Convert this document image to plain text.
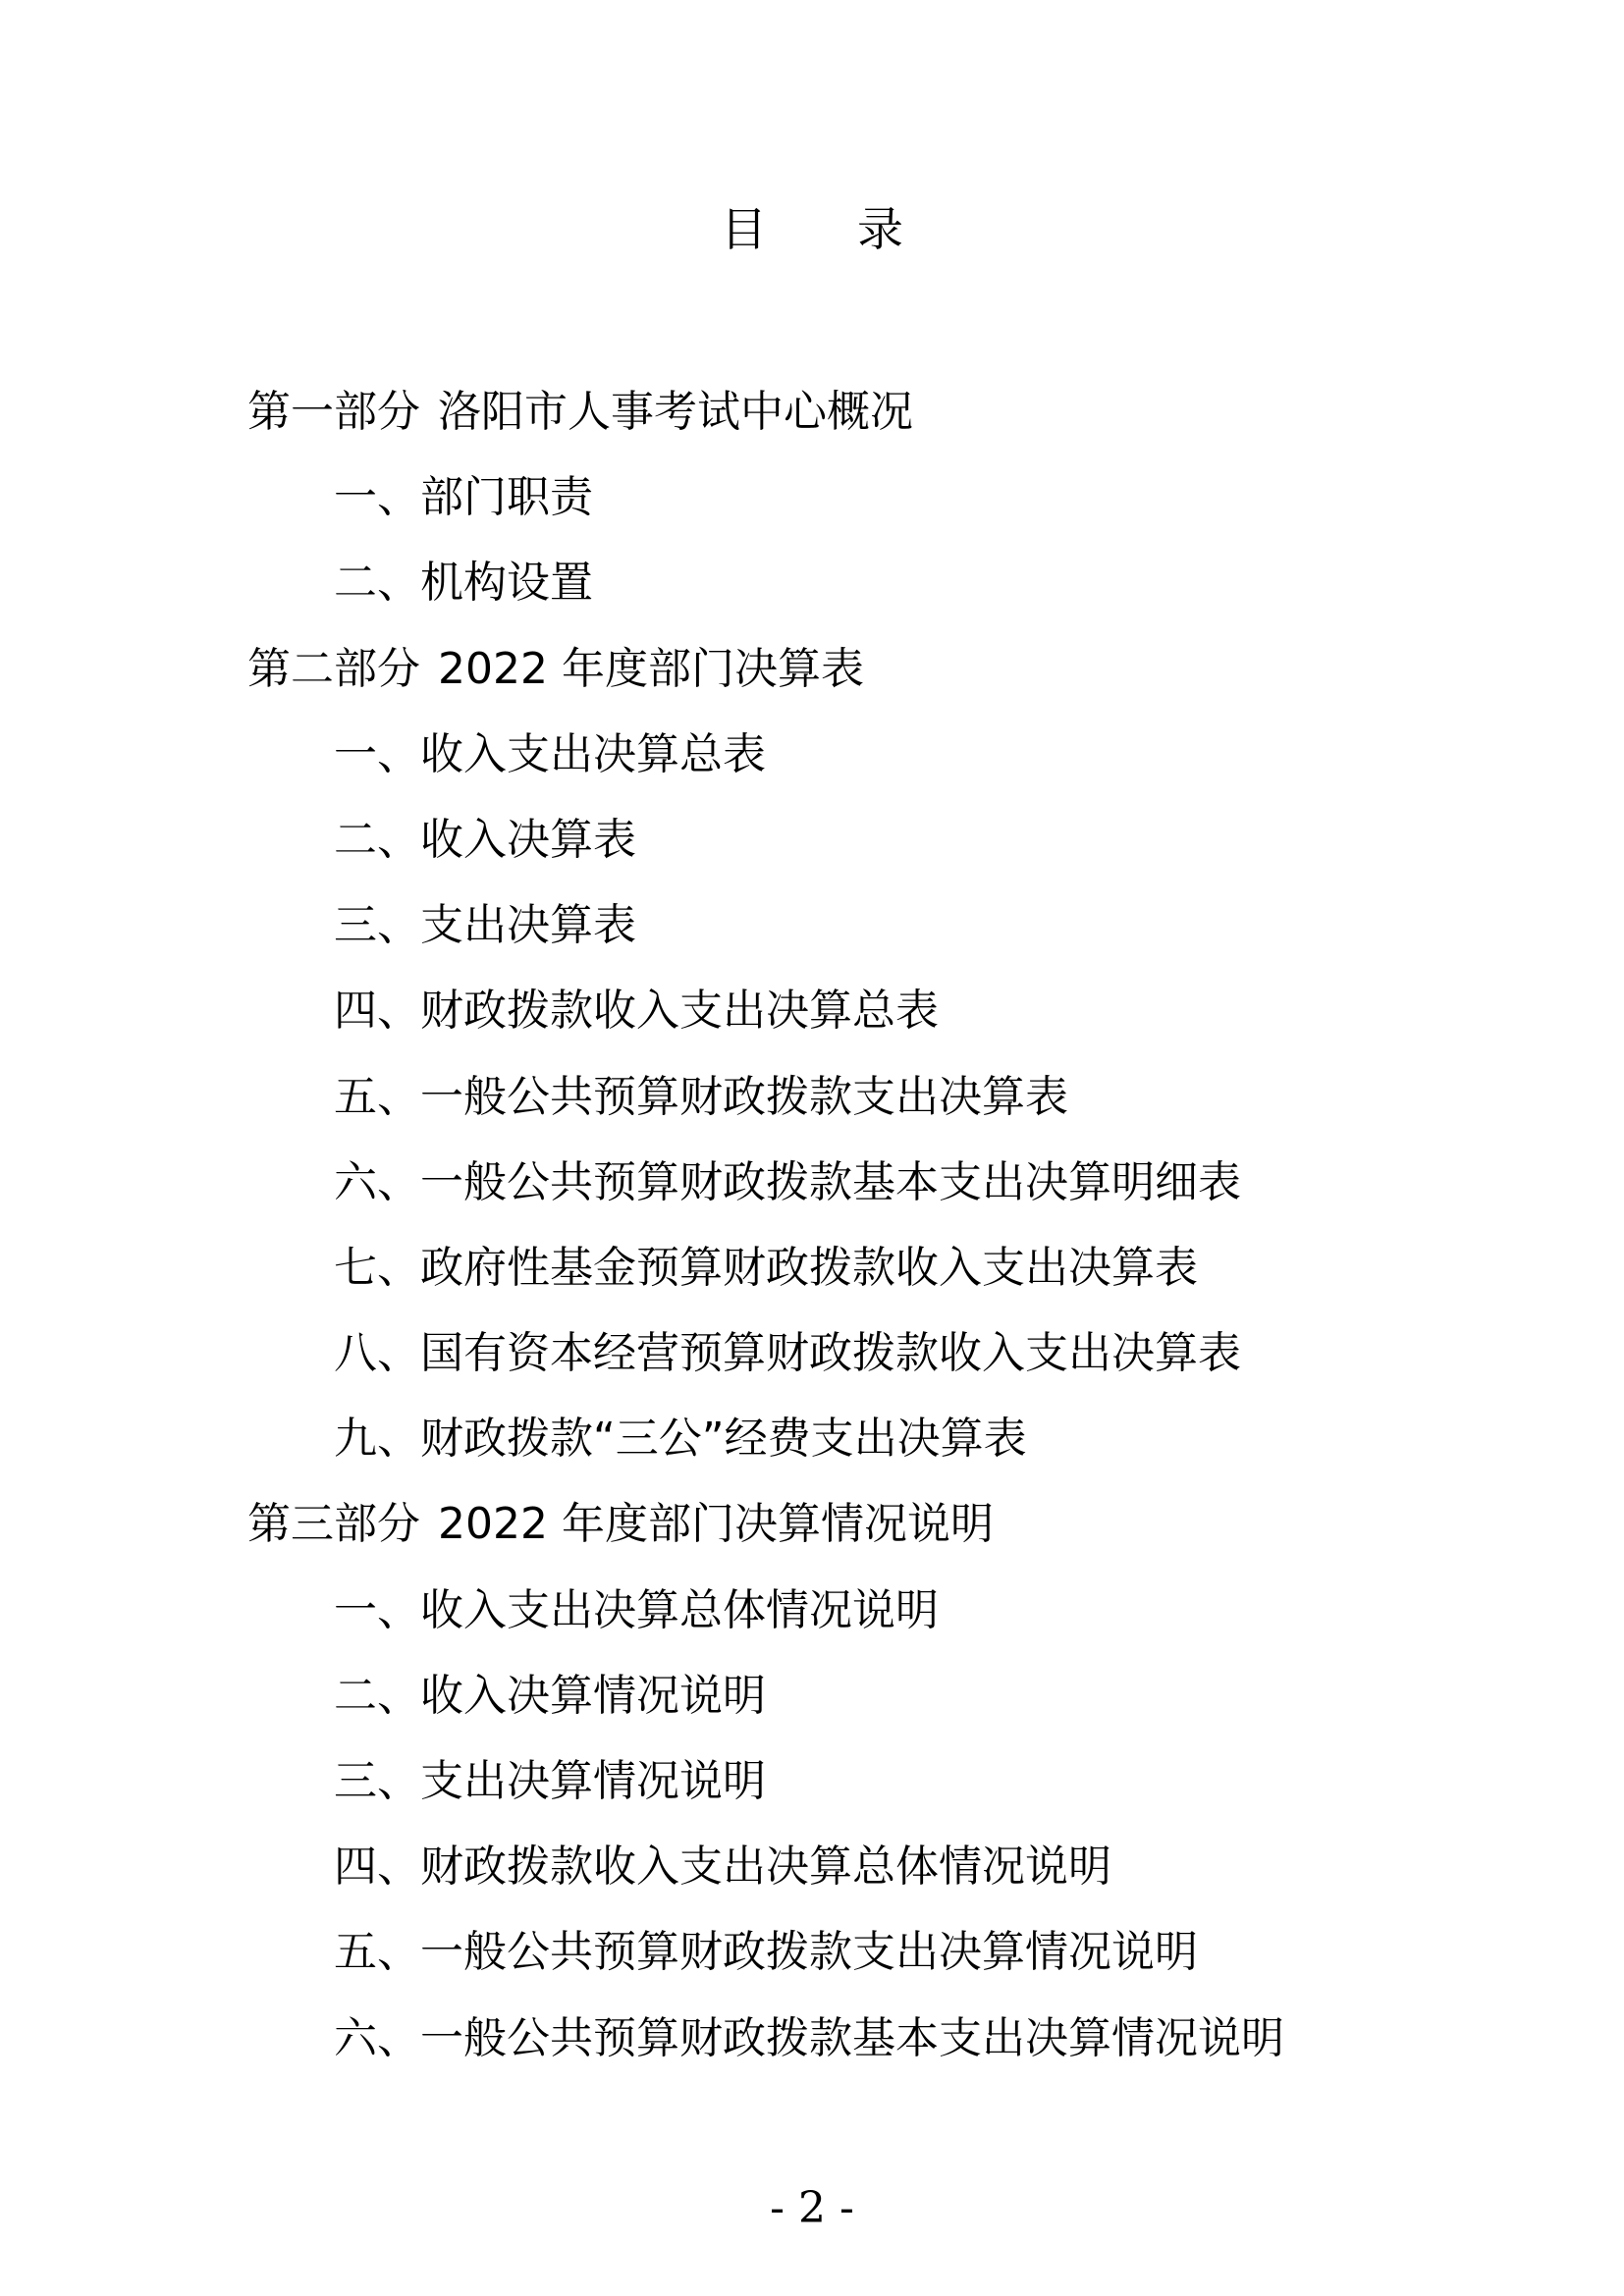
目录
第一部分 洛阳市人事考试中心概况
一、部门职责
二、机构设置
第二部分 2022 年度部门决算表
一、收入支出决算总表
二、收入决算表
三、支出决算表
四、财政拨款收入支出决算总表
五、一般公共预算财政拨款支出决算表
六、一般公共预算财政拨款基本支出决算明细表
七、政府性基金预算财政拨款收入支出决算表
八、国有资本经营预算财政拨款收入支出决算表
九、财政拨款“三公”经费支出决算表
第三部分 2022 年度部门决算情况说明
一、收入支出决算总体情况说明
二、收入决算情况说明
三、支出决算情况说明
四、财政拨款收入支出决算总体情况说明
五、一般公共预算财政拨款支出决算情况说明
六、一般公共预算财政拨款基本支出决算情况说明
- 2 -
